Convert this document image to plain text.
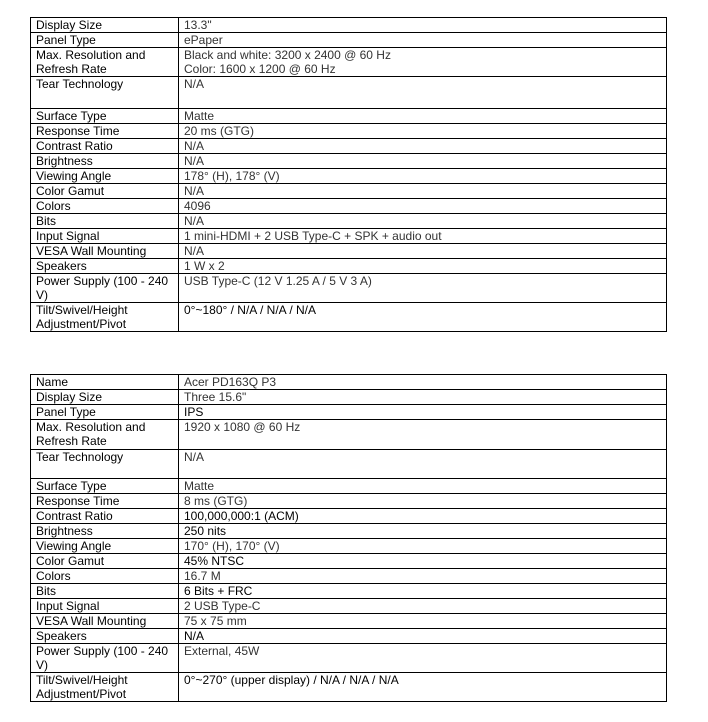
Display Size	13.3"
Panel Type	ePaper
Max. Resolution and Refresh Rate	Black and white: 3200 x 2400 @ 60 Hz
Color: 1600 x 1200 @ 60 Hz

Tear Technology	N/A
Surface Type	Matte
Response Time	20 ms (GTG)
Contrast Ratio	N/A
Brightness	N/A
Viewing Angle	178° (H), 178° (V)
Color Gamut	N/A
Colors	4096
Bits	N/A
Input Signal	1 mini-HDMI + 2 USB Type-C + SPK + audio out
VESA Wall Mounting	N/A
Speakers	1 W x 2
Power Supply (100 - 240 V)	USB Type-C (12 V 1.25 A / 5 V 3 A)
Tilt/Swivel/Height Adjustment/Pivot	0°~180° / N/A / N/A / N/A
Name	Acer PD163Q P3
Display Size	Three 15.6"
Panel Type	IPS
Max. Resolution and Refresh Rate	1920 x 1080 @ 60 Hz
Tear Technology	N/A
Surface Type	Matte
Response Time	8 ms (GTG)
Contrast Ratio	100,000,000:1 (ACM)
Brightness	250 nits
Viewing Angle	170° (H), 170° (V)
Color Gamut	45% NTSC
Colors	16.7 M
Bits	6 Bits + FRC
Input Signal	2 USB Type-C
VESA Wall Mounting	75 x 75 mm
Speakers	N/A
Power Supply (100 - 240 V)	External, 45W
Tilt/Swivel/Height Adjustment/Pivot	0°~270° (upper display) / N/A / N/A / N/A
